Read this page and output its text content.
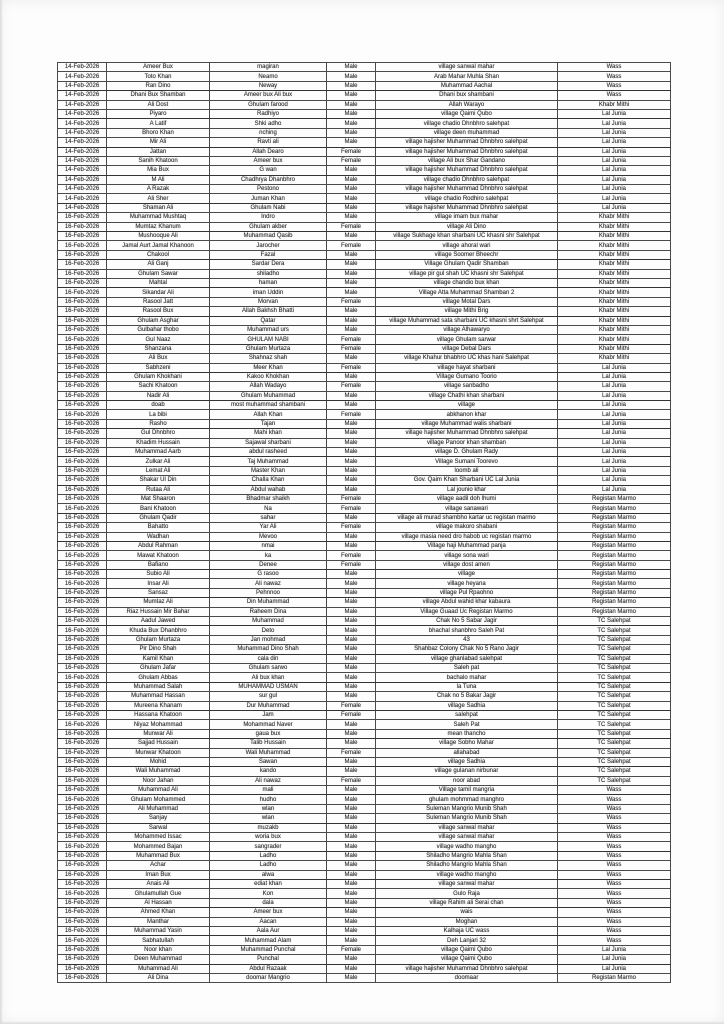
14-Feb-2026	Ameer Bux	magiran	Male	village sanwal mahar	Wass
14-Feb-2026	Toto Khan	Neamo	Male	Arab Mahar Muhla Shan	Wass
14-Feb-2026	Ran Dino	Neway	Male	Muhammad Aachal	Wass
14-Feb-2026	Dhani Bux Shamban	Ameer bux Ali bux	Male	Dhani bux shambani	Wass
14-Feb-2026	Ali Dost	Ghulam farood	Male	Allah Warayo	Khabr Mithi
14-Feb-2026	Piyaro	Radhiyo	Male	village Qaimi Qubo	Lal Junia
14-Feb-2026	A Latif	Shki adho	Male	village chadio Dhnbhro salehpat	Lal Junia
14-Feb-2026	Bhoro Khan	nching	Male	village deen muhammad	Lal Junia
14-Feb-2026	Mir Ali	Ravti ali	Male	village hajisher Muhammad Dhnbhro salehpat	Lal Junia
14-Feb-2026	Jattan	Allah Dearo	Female	village hajisher Muhammad Dhnbhro salehpat	Lal Junia
14-Feb-2026	Sanih Khatoon	Ameer bux	Female	village Ali bux Shar Gandano	Lal Junia
14-Feb-2026	Mia Bux	G wan	Male	village hajisher Muhammad Dhnbhro salehpat	Lal Junia
14-Feb-2026	M Ali	Chadhrya Dhanbhro	Male	village chadio Dhnbhro salehpat	Lal Junia
14-Feb-2026	A Razak	Pestono	Male	village hajisher Muhammad Dhnbhro salehpat	Lal Junia
14-Feb-2026	Ali Sher	Juman Khan	Male	village chadio Rodhiro salehpat	Lal Junia
14-Feb-2026	Shaman Ali	Ghulam Nabi	Male	village hajisher Muhammad Dhnbhro salehpat	Lal Junia
16-Feb-2026	Muhammad Mushtaq	Indro	Male	village imam bux mahar	Khabr Mithi
16-Feb-2026	Mumtaz Khanum	Ghulam akber	Female	village Ali Dino	Khabr Mithi
16-Feb-2026	Mushooque Ali	Muhammad Qasib	Male	village Sukhage khan sharbani UC khasni shr Salehpat	Khabr Mithi
16-Feb-2026	Jamal Aurt Jamal Khanoon	Jarocher	Female	village ahoral wari	Khabr Mithi
16-Feb-2026	Chakool	Fazal	Male	village Soomer Bheechr	Khabr Mithi
16-Feb-2026	Ali Ganj	Sardar Dera	Male	Village Ghulam Qadir Shamban	Khabr Mithi
16-Feb-2026	Ghulam Sawar	shiladho	Male	village pir gul shah UC khasni shr Salehpat	Khabr Mithi
16-Feb-2026	Mahtal	haman	Male	village chandio bux khan	Khabr Mithi
16-Feb-2026	Sikandar Ali	iman Uddin	Male	Village Atta Muhammad Shamban 2	Khabr Mithi
16-Feb-2026	Rasool Jatt	Morvan	Female	village Motal Dars	Khabr Mithi
16-Feb-2026	Rasool Bux	Allah Bakhsh Bhatti	Male	village Mithi Brig	Khabr Mithi
16-Feb-2026	Ghulam Asghar	Qatar	Male	village Muhammad sata sharbani UC khasni shrt Salehpat	Khabr Mithi
16-Feb-2026	Gulbahar thobo	Muhammad urs	Male	village Alhawaryo	Khabr Mithi
16-Feb-2026	Gul Naaz	GHULAM NABI	Female	village Ghulam sarwar	Khabr Mithi
16-Feb-2026	Shanzana	Ghulam Murtaza	Female	village Debal Dars	Khabr Mithi
16-Feb-2026	Ali Bux	Shahnaz shah	Male	village Khahur bhabhro UC khas hani Salehpat	Khabr Mithi
16-Feb-2026	Sabhzeni	Meer Khan	Female	village hayat sharbani	Lal Junia
16-Feb-2026	Ghulam Khokhani	Kakoo Khokhan	Male	Village Gumano Toorio	Lal Junia
16-Feb-2026	Sachi Khatoon	Allah Wadayo	Female	village sanbadho	Lal Junia
16-Feb-2026	Nadir Ali	Ghulam Muhammad	Male	village Chathi khan sharbani	Lal Junia
16-Feb-2026	doab	most muhammad shambani	Male	village	Lal Junia
16-Feb-2026	La bibi	Allah Khan	Female	abkhanon khar	Lal Junia
16-Feb-2026	Rasho	Tajan	Male	village Muhammad walis sharbani	Lal Junia
16-Feb-2026	Gul Dhnbhro	Mahi khan	Male	village hajisher Muhammad Dhnbhro salehpat	Lal Junia
16-Feb-2026	Khadim Hussain	Sajawal sharbani	Male	village Panoor khan shamban	Lal Junia
16-Feb-2026	Muhammad Aarb	abdul rasheed	Male	village D. Ghulam Rady	Lal Junia
16-Feb-2026	Zulkar Ali	Taj Muhammad	Male	Village Sumani Toorevo	Lal Junia
16-Feb-2026	Lemat Ali	Master Khan	Male	loomb ali	Lal Junia
16-Feb-2026	Shakar Ul Din	Challa Khan	Male	Gov. Qaim Khan Sharbani UC Lal Junia	Lal Junia
16-Feb-2026	Rutaa Ali	Abdul wahab	Male	Lal jounio khar	Lal Junia
16-Feb-2026	Mat Shaaron	Bhadmar shaikh	Female	village aadil doh lhumi	Registan Marmo
16-Feb-2026	Bani Khatoon	Na	Female	village sanawari	Registan Marmo
16-Feb-2026	Ghulam Qadir	sahar	Male	village ali murad shambho kartar uc registan marmo	Registan Marmo
16-Feb-2026	Bahatto	Yar Ali	Female	village makoro shabani	Registan Marmo
16-Feb-2026	Wadhan	Mevoo	Male	village masia need dro habob uc registan marmo	Registan Marmo
16-Feb-2026	Abdul Rahman	nmai	Male	Village haji Muhammad panja	Registan Marmo
16-Feb-2026	Mawat Khatoon	ka	Female	village sona wari	Registan Marmo
16-Feb-2026	Bafiano	Denee	Female	village dost amen	Registan Marmo
16-Feb-2026	Subio Ali	G rasoo	Male	village	Registan Marmo
16-Feb-2026	Insar Ali	Ali nawaz	Male	village heyana	Registan Marmo
16-Feb-2026	Sansaz	Pehnnoo	Male	village Pul Rpaohno	Registan Marmo
16-Feb-2026	Mumtaz Ali	Din Muhammad	Male	village Abdul wahid khar kabaura	Registan Marmo
16-Feb-2026	Riaz Hussain Mir Bahar	Raheem Dina	Male	Village Guaad Uc Registan Marmo	Registan Marmo
16-Feb-2026	Aadul Jawed	Muhammad	Male	Chak No 5 Sabar Jagir	TC Salehpat
16-Feb-2026	Khuda Bux Dhanbhro	Deto	Male	bhachal shanbhro Saleh Pat	TC Salehpat
16-Feb-2026	Ghulam Murtaza	Jan mohmad	Male	43	TC Salehpat
16-Feb-2026	Pir Dino Shah	Muhammad Dino Shah	Male	Shahbaz Colony Chak No 5 Rano Jagir	TC Salehpat
16-Feb-2026	Kamil Khan	cala din	Male	village ghanlabad salehpat	TC Salehpat
16-Feb-2026	Ghulam Jafar	Ghulam sarwo	Male	Saleh pat	TC Salehpat
16-Feb-2026	Ghulam Abbas	Ali bux khan	Male	bachalo mahar	TC Salehpat
16-Feb-2026	Muhammad Salah	MUHAMMAD USMAN	Male	la Tuna	TC Salehpat
16-Feb-2026	Muhammad Hassan	sur gul	Male	Chak no 5 Bakar Jagir	TC Salehpat
16-Feb-2026	Mureena Khanam	Dur Muhammad	Female	village Sadhia	TC Salehpat
16-Feb-2026	Hassana Khatoon	Jam	Female	salehpat	TC Salehpat
16-Feb-2026	Niyaz Mohammad	Mohammad Naver	Male	Saleh Pat	TC Salehpat
16-Feb-2026	Munwar Ali	gaua bux	Male	mean thancho	TC Salehpat
16-Feb-2026	Sajjad Hussain	Talib Hussain	Male	village Sobho Mahar	TC Salehpat
16-Feb-2026	Munwar Khatoon	Wali Muhammad	Female	allahabad	TC Salehpat
16-Feb-2026	Mohid	Sawan	Male	village Sadhia	TC Salehpat
16-Feb-2026	Wali Muhammad	kando	Male	village gulanan nirbunar	TC Salehpat
16-Feb-2026	Noor Jahan	Ali nawaz	Female	noor abad	TC Salehpat
16-Feb-2026	Muhammad Ali	mali	Male	Village tamil mangria	Wass
16-Feb-2026	Ghulam Mohammed	hudho	Male	ghulam mohmmad manghro	Wass
16-Feb-2026	Ali Muhammad	wlan	Male	Suleman Mangrio Munib Shah	Wass
16-Feb-2026	Sanjay	wlan	Male	Suleman Mangrio Munib Shah	Wass
16-Feb-2026	Sarwal	muzakb	Male	village sanwal mahar	Wass
16-Feb-2026	Mohammed Issac	woria bux	Male	village sanwal mahar	Wass
16-Feb-2026	Mohammed Bajan	sangrader	Male	village wadho mangho	Wass
16-Feb-2026	Muhammad Bux	Ladho	Male	Shiladho Mangrio Mahla Shan	Wass
16-Feb-2026	Achar	Ladho	Male	Shiladho Mangrio Mahla Shan	Wass
16-Feb-2026	Iman Bux	alwa	Male	village wadho mangho	Wass
16-Feb-2026	Anais Ali	ediat khan	Male	village sanwal mahar	Wass
16-Feb-2026	Ghulamullah Gue	Kon	Male	Gulo Raja	Wass
16-Feb-2026	Al Hassan	dala	Male	village Rahim ali Serai chan	Wass
16-Feb-2026	Ahmed Khan	Ameer bux	Male	wais	Wass
16-Feb-2026	Manthar	Aacan	Male	Moghan	Wass
16-Feb-2026	Muhammad Yasin	Aala Aur	Male	Kalhaja UC wass	Wass
16-Feb-2026	Sabhatullah	Muhammad Alam	Male	Deh Lanjari 32	Wass
16-Feb-2026	Noor khan	Muhammad Punchal	Female	village Qaimi Qubo	Lal Junia
16-Feb-2026	Deen Muhammad	Punchal	Male	village Qaimi Qubo	Lal Junia
16-Feb-2026	Muhammad Ali	Abdul Razaak	Male	village hajisher Muhammad Dhnbhro salehpat	Lal Junia
16-Feb-2026	Ali Dina	doomar Mangrio	Male	doomaar	Registan Marmo
